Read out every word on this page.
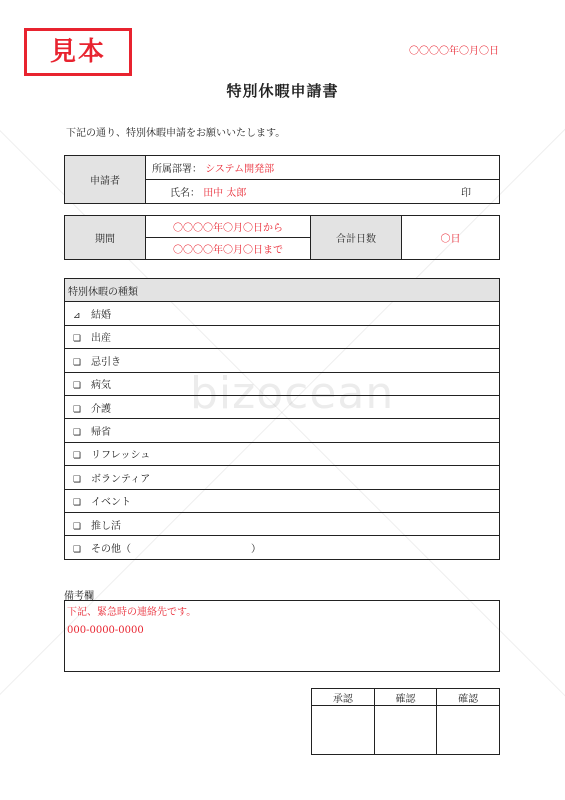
bizocean
見本	〇〇〇〇年〇月〇日
特別休暇申請書
下記の通り、特別休暇申請をお願いいたします。
申請者	所属部署： システム開発部
氏名： 田中 太郎	印
期間	〇〇〇〇年〇月〇日から	合計日数	〇日
〇〇〇〇年〇月〇日まで
特別休暇の種類
⊿ 結婚
❏ 出産
❏ 忌引き
❏ 病気
❏ 介護
❏ 帰省
❏ リフレッシュ
❏ ボランティア
❏ イベント
❏ 推し活
❏ その他（　　　　　　　　　　　　）
備考欄
下記、緊急時の連絡先です。
000-0000-0000
承認	確認	確認
